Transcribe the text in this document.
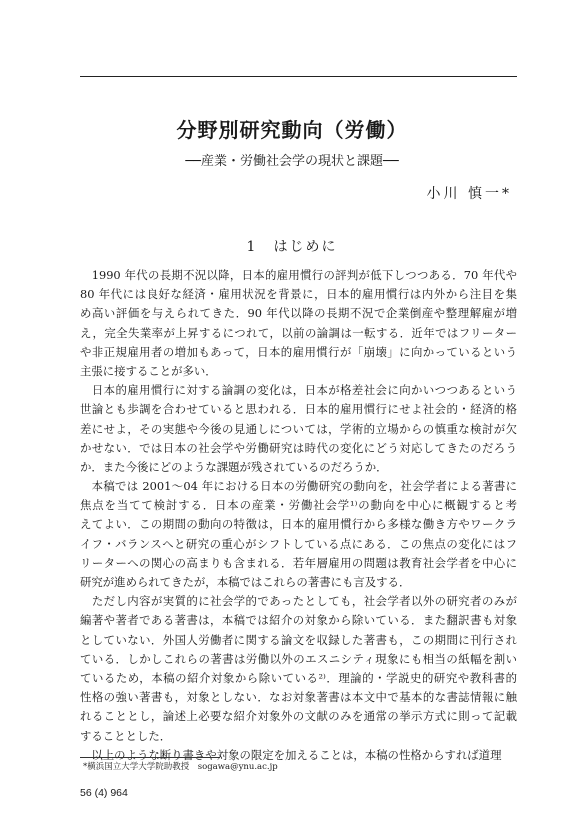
分野別研究動向（労働）
──産業・労働社会学の現状と課題──
小川 慎一*
1　はじめに
　1990 年代の長期不況以降，日本的雇用慣行の評判が低下しつつある．70 年代や
80 年代には良好な経済・雇用状況を背景に，日本的雇用慣行は内外から注目を集
め高い評価を与えられてきた．90 年代以降の長期不況で企業倒産や整理解雇が増
え，完全失業率が上昇するにつれて，以前の論調は一転する．近年ではフリーター
や非正規雇用者の増加もあって，日本的雇用慣行が「崩壊」に向かっているという
主張に接することが多い．
　日本的雇用慣行に対する論調の変化は，日本が格差社会に向かいつつあるという
世論とも歩調を合わせていると思われる．日本的雇用慣行にせよ社会的・経済的格
差にせよ，その実態や今後の見通しについては，学術的立場からの慎重な検討が欠
かせない．では日本の社会学や労働研究は時代の変化にどう対応してきたのだろう
か．また今後にどのような課題が残されているのだろうか．
　本稿では 2001～04 年における日本の労働研究の動向を，社会学者による著書に
焦点を当てて検討する．日本の産業・労働社会学¹⁾の動向を中心に概観すると考
えてよい．この期間の動向の特徴は，日本的雇用慣行から多様な働き方やワークラ
イフ・バランスへと研究の重心がシフトしている点にある．この焦点の変化にはフ
リーターへの関心の高まりも含まれる．若年層雇用の問題は教育社会学者を中心に
研究が進められてきたが，本稿ではこれらの著書にも言及する．
　ただし内容が実質的に社会学的であったとしても，社会学者以外の研究者のみが
編著や著者である著書は，本稿では紹介の対象から除いている．また翻訳書も対象
としていない．外国人労働者に関する論文を収録した著書も，この期間に刊行され
ている．しかしこれらの著書は労働以外のエスニシティ現象にも相当の紙幅を割い
ているため，本稿の紹介対象から除いている²⁾．理論的・学説史的研究や教科書的
性格の強い著書も，対象としない．なお対象著書は本文中で基本的な書誌情報に触
れることとし，論述上必要な紹介対象外の文献のみを通常の挙示方式に則って記載
することとした．
　以上のような断り書きや対象の限定を加えることは，本稿の性格からすれば道理
*横浜国立大学大学院助教授　sogawa@ynu.ac.jp
56 (4) 964
